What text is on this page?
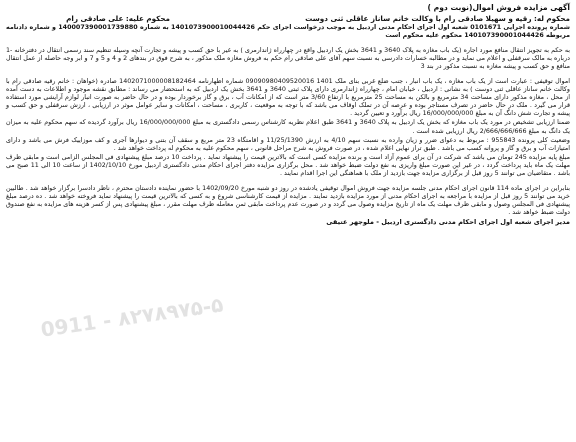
آگهی مزایده فروش اموال(نوبت دوم )
محکوم له: رقیه و سهیلا صادقی رام با وکالت خانم ساناز عاقلی ثنی دوست
محکوم علیه: علی صادقی رام
شماره پرونده اجرایی 0101671 شعبه اول اجرای احکام مدنی اردبیل به موجب درخواست اجرای حکم 1401073900010044426 به شماره 140007390001739880 و شماره دادنامه مربوطه 140107390001044426 محکوم علیه محکوم است
به حکم به تجویز انتقال منافع مورد اجاره (یک باب مغازه به پلاک 3640 و 3641 بخش یک اردبیل واقع در چهارراه ژاندارمری ) به غیر با حق کسب و پیشه و تجارت آنچه وسیله تنظیم سند رسمی انتقال در دفترخانه -1 درباره به مالک سرقفلی و اعلام می نماید و در مطالبه خسارات دادرسی به نسبت سهم آقای علی صادقی رام حکم به فروش مغازه ملک مذکور ، به شرح فوق در بندهای 2 و 4 و 5 و 7 و ابر وجه حاصله از عمل انتقال منافع و حق کسب و پیشه مغازه به نسبت مذکور در بند 3
اموال توقیفی : عبارت است از یک باب مغازه ، یک باب انبار ، جنب ضلع غربی بنای ملک 1401 09090980409520016 شماره اظهارنامه 1402071000008182464 صادره (خواهان : خانم رقیه صادقی رام با وکالت خانم ساناز عاقلی ثنی دوست ) به نشانی : اردبیل ، خیابان امام ، چهارراه ژاندارمری دارای پلاک ثبتی 3640 و 3641 بخش یک اردبیل که به استحضار می رساند : مطابق نقشه موجود و اطلاعات به دست آمده از محل ، مغازه مذکور دارای مساحت 34 مترمربع و بالکن به مساحت 25 مترمربع با ارتفاع 3/60 متر است که از امکانات آب ، برق و گاز برخوردار بوده و در حال حاضر به صورت انبار لوازم آرایشی مورد استفاده قرار می گیرد . ملک در حال حاضر در تصرف مستاجر بوده و عرصه آن در تملک اوقاف می باشد که با توجه به موقعیت ، کاربری ، مساحت ، امکانات و سایر عوامل موثر در ارزیابی ، ارزش سرقفلی و حق کسب و پیشه و تجارت شش دانگ آن به مبلغ 16/000/000/000 ریال برآورد و تعیین گردید .
ضمنا ارزیابی تشخیص در مورد یک باب مغازه که بخش یک اردبیل به پلاک 3640 و 3641 طبق اعلام نظریه کارشناس رسمی دادگستری به مبلغ 16/000/000/000 ریال برآورد گردیده که سهم محکوم علیه به میزان یک دانگ به مبلغ 2/666/666/666 ریال ارزیابی شده است .
وضعیت کلی پرونده 955843 : مربوط به دعوای ضرر و زیان وارده به نسبت سهم 4/10 به ارزش 11/25/1390 و اقامتگاه 23 متر مربع و سقف آن بتنی و دیوارها آجری و کف موزاییک فرش می باشد و دارای امتیازات آب و برق و گاز و پروانه کسب می باشد . طبق تراز نهایی اعلام شده ، در صورت فروش به شرح مراحل قانونی ، سهم محکوم علیه به محکوم له پرداخت خواهد شد .
مبلغ پایه مزایده 245 تومان می باشد که شرکت در آن برای عموم آزاد است و برنده مزایده کسی است که بالاترین قیمت را پیشنهاد نماید . پرداخت 10 درصد مبلغ پیشنهادی فی المجلس الزامی است و مابقی ظرف مهلت یک ماه باید پرداخت گردد ، در غیر این صورت مبلغ واریزی به نفع دولت ضبط خواهد شد . محل برگزاری مزایده دفتر اجرای احکام مدنی دادگستری اردبیل مورخ 1402/10/10 از ساعت 10 الی 11 صبح می باشد . متقاضیان می توانند 5 روز قبل از برگزاری مزایده جهت بازدید از ملک با هماهنگی این اجرا اقدام نمایند .
بنابراین در اجرای ماده 114 قانون اجرای احکام مدنی جلسه مزایده جهت فروش اموال توقیفی یادشده در روز دو شنبه مورخ 1402/09/20 با حضور نماینده دادستان محترم ، ناظر دادسرا برگزار خواهد شد . طالبین خرید می توانند 5 روز قبل از مزایده با مراجعه به اجرای احکام مدنی از مورد مزایده بازدید نمایند . مزایده از قیمت کارشناسی شروع و به کسی که بالاترین قیمت را پیشنهاد نماید فروخته خواهد شد . ده درصد مبلغ پیشنهادی فی المجلس وصول و مابقی ظرف مهلت یک ماه از تاریخ مزایده وصول می گردد و در صورت عدم پرداخت مابقی ثمن معامله ظرف مهلت مقرر ، مبلغ پیشنهادی پس از کسر هزینه های مزایده به نفع صندوق دولت ضبط خواهد شد .
مدیر اجرای شعبه اول اجرای احکام مدنی دادگستری اردبیل - ملوجهر عتیقی
0911 - ۸۲۷۸۹۷۵-۵
